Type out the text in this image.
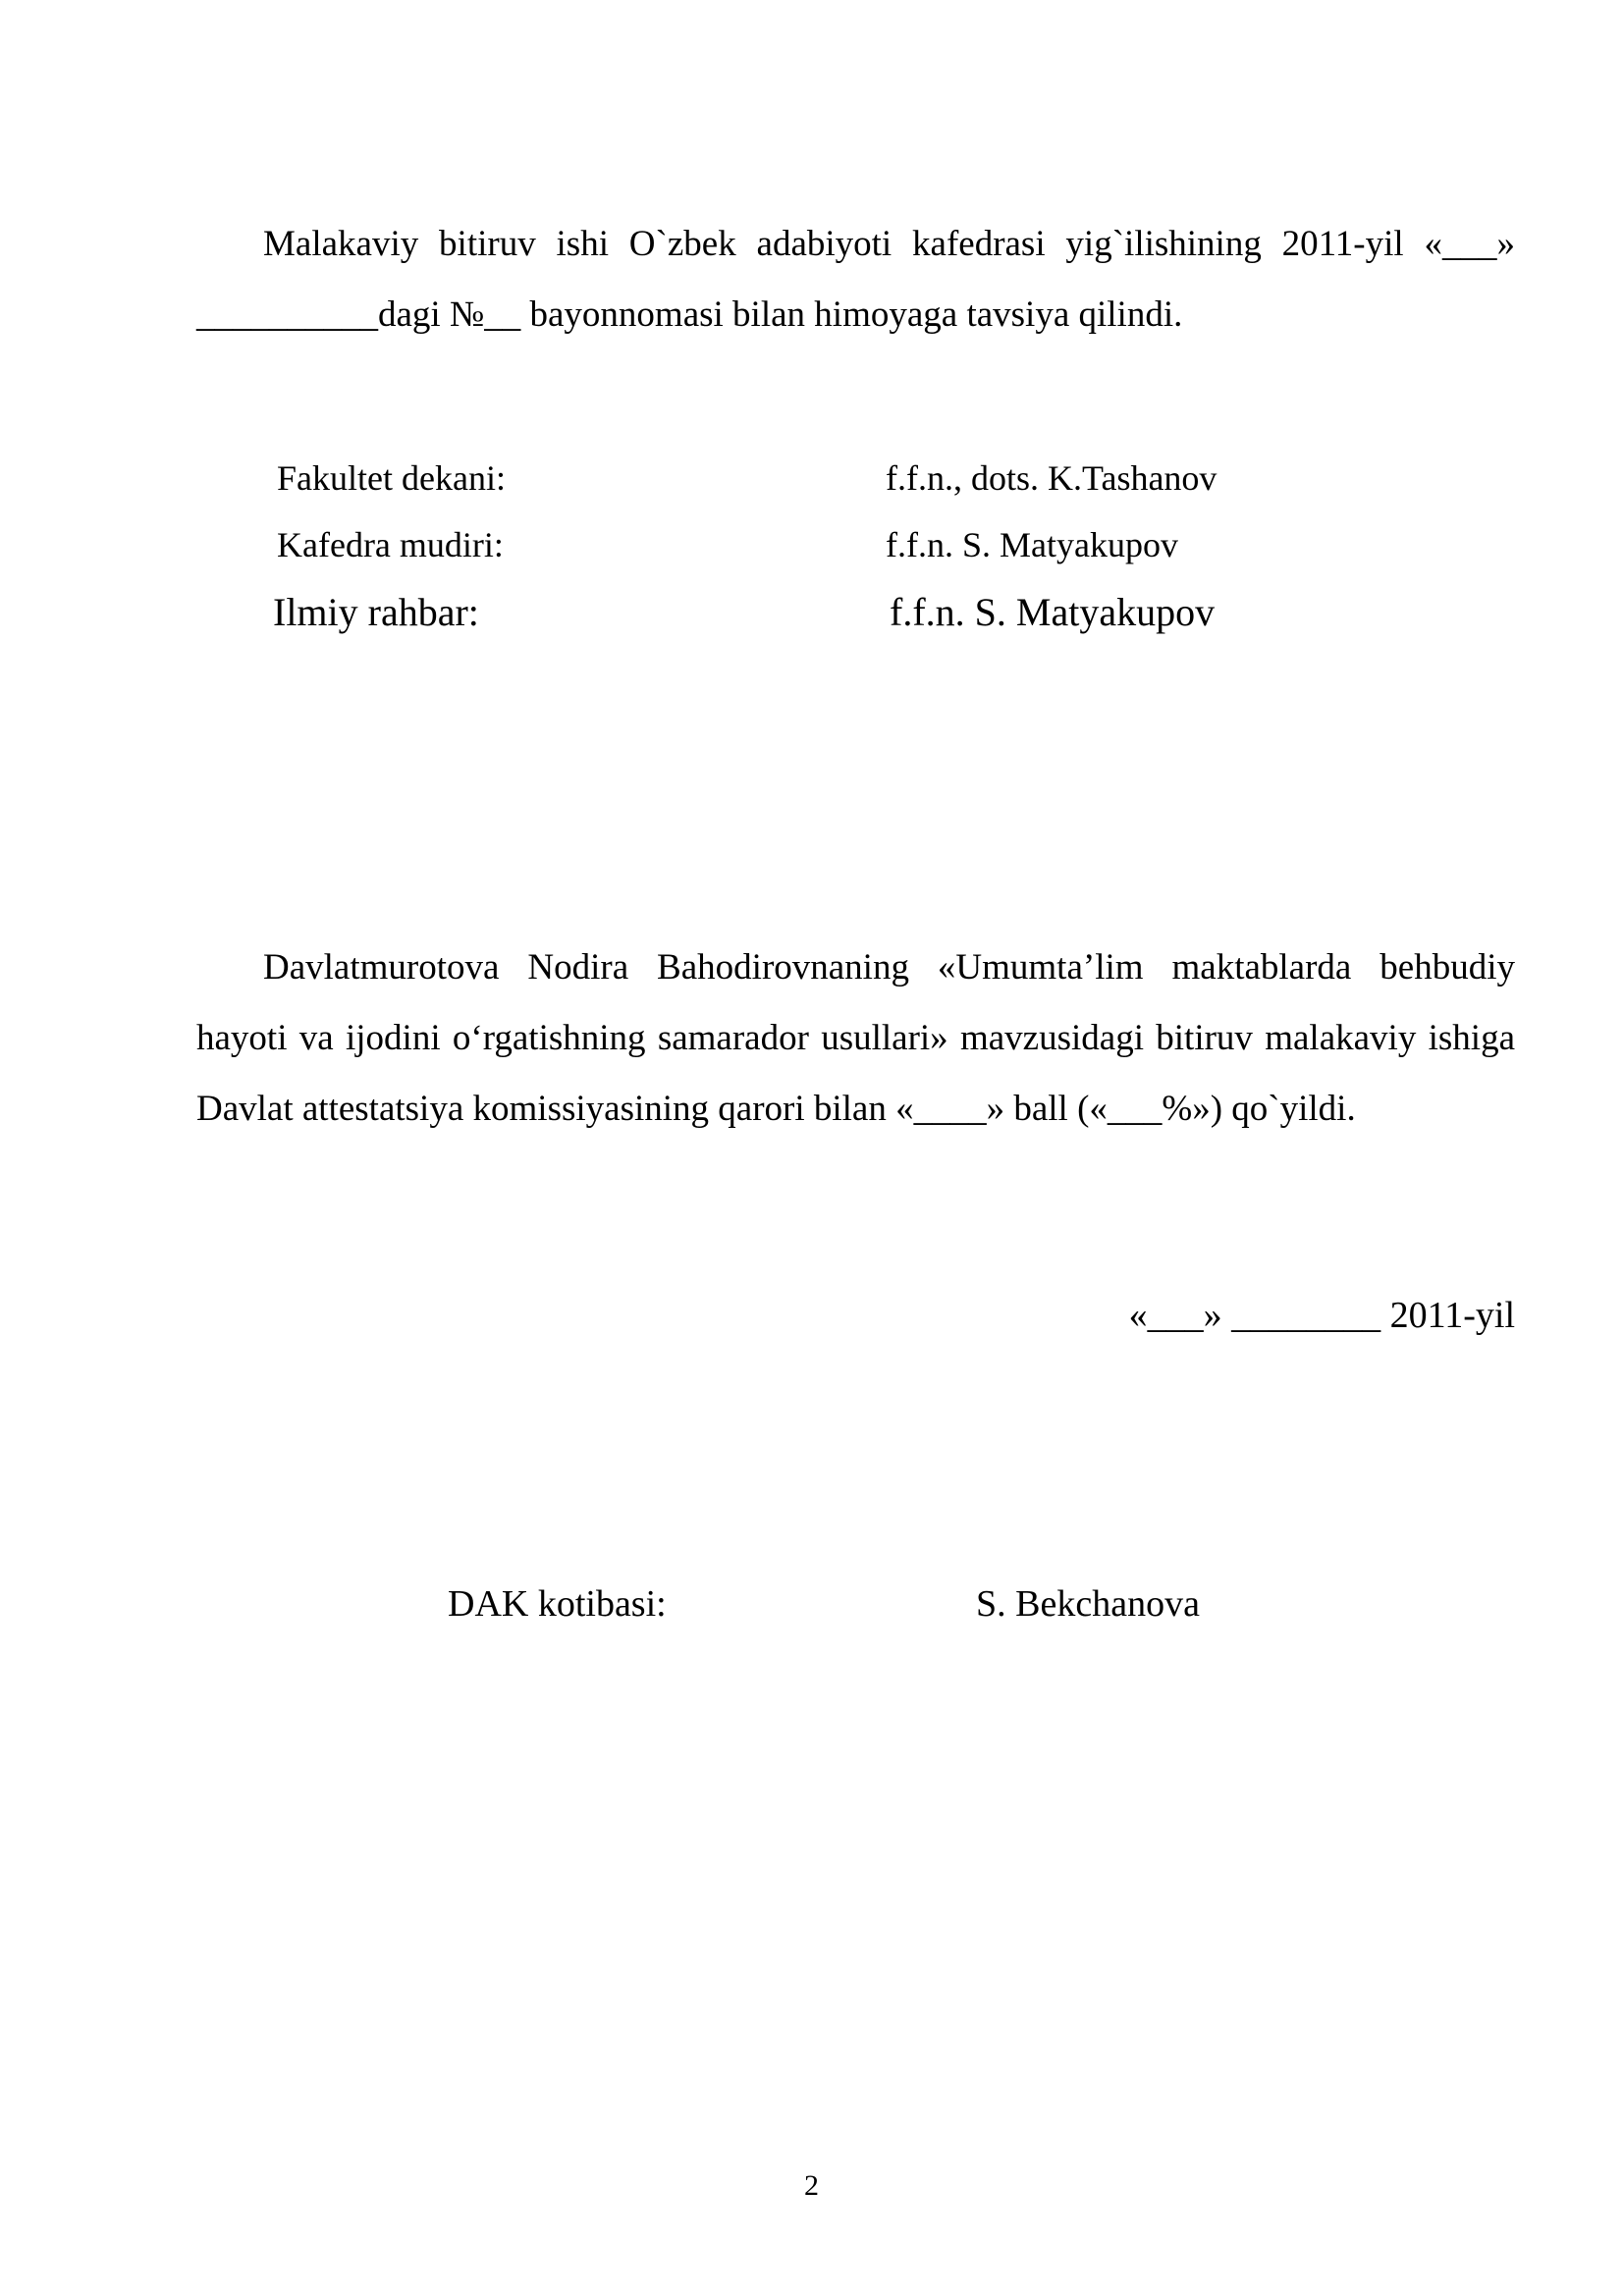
Malakaviy bitiruv ishi O`zbek adabiyoti kafedrasi yig`ilishining 2011-yil «___» __________dagi №__ bayonnomasi bilan himoyaga tavsiya qilindi.

Fakultet dekani:	f.f.n., dots. K.Tashanov
Kafedra mudiri:	f.f.n. S. Matyakupov
Ilmiy rahbar:	f.f.n. S. Matyakupov

Davlatmurotova Nodira Bahodirovnaning «Umumta’lim maktablarda behbudiy hayoti va ijodini o‘rgatishning samarador usullari» mavzusidagi bitiruv malakaviy ishiga Davlat attestatsiya komissiyasining qarori bilan «____» ball («___%») qo`yildi.

«___» ________ 2011-yil

DAK kotibasi:	S. Bekchanova

2
